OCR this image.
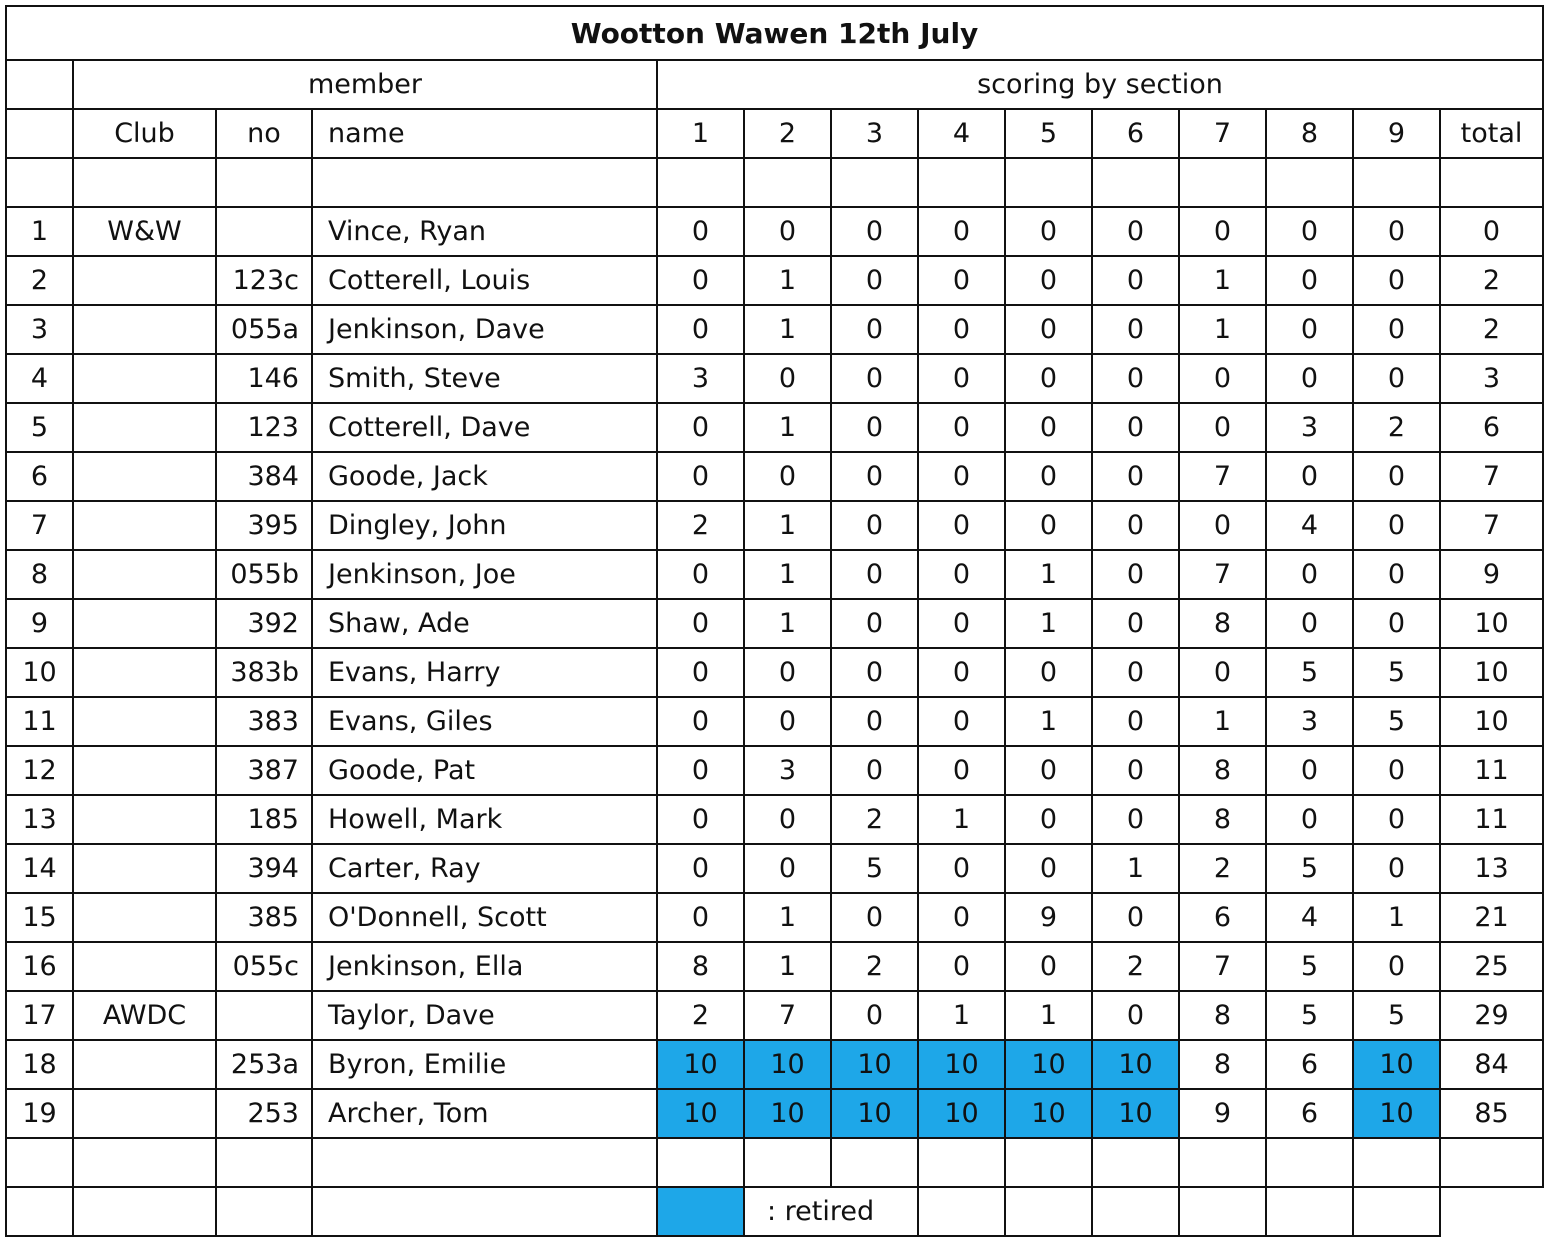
Wootton Wawen 12th July													
	member			scoring by section									
	Club	no	name	1	2	3	4	5	6	7	8	9	total

1	W&W		Vince, Ryan	0	0	0	0	0	0	0	0	0	0
2		123c	Cotterell, Louis	0	1	0	0	0	0	1	0	0	2
3		055a	Jenkinson, Dave	0	1	0	0	0	0	1	0	0	2
4		146	Smith, Steve	3	0	0	0	0	0	0	0	0	3
5		123	Cotterell, Dave	0	1	0	0	0	0	0	3	2	6
6		384	Goode, Jack	0	0	0	0	0	0	7	0	0	7
7		395	Dingley, John	2	1	0	0	0	0	0	4	0	7
8		055b	Jenkinson, Joe	0	1	0	0	1	0	7	0	0	9
9		392	Shaw, Ade	0	1	0	0	1	0	8	0	0	10
10		383b	Evans, Harry	0	0	0	0	0	0	0	5	5	10
11		383	Evans, Giles	0	0	0	0	1	0	1	3	5	10
12		387	Goode, Pat	0	3	0	0	0	0	8	0	0	11
13		185	Howell, Mark	0	0	2	1	0	0	8	0	0	11
14		394	Carter, Ray	0	0	5	0	0	1	2	5	0	13
15		385	O'Donnell, Scott	0	1	0	0	9	0	6	4	1	21
16		055c	Jenkinson, Ella	8	1	2	0	0	2	7	5	0	25
17	AWDC		Taylor, Dave	2	7	0	1	1	0	8	5	5	29
18		253a	Byron, Emilie	10	10	10	10	10	10	8	6	10	84
19		253	Archer, Tom	10	10	10	10	10	10	9	6	10	85

					: retired								
